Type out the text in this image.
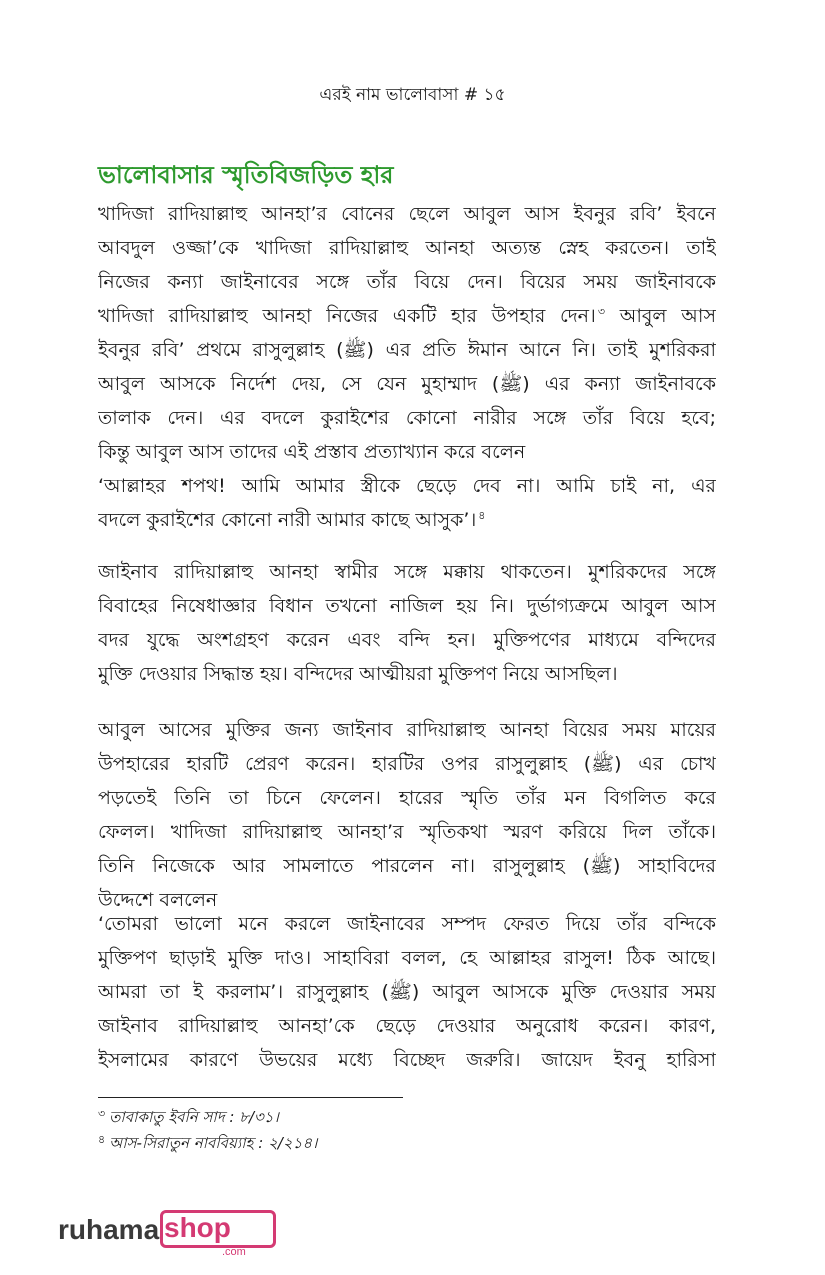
এরই নাম ভালোবাসা # ১৫
ভালোবাসার স্মৃতিবিজড়িত হার
খাদিজা রাদিয়াল্লাহু আনহা’র বোনের ছেলে আবুল আস ইবনুর রবি’ ইবনে
আবদুল ওজ্জা’কে খাদিজা রাদিয়াল্লাহু আনহা অত্যন্ত স্নেহ করতেন। তাই
নিজের কন্যা জাইনাবের সঙ্গে তাঁর বিয়ে দেন। বিয়ের সময় জাইনাবকে
খাদিজা রাদিয়াল্লাহু আনহা নিজের একটি হার উপহার দেন। $^৩$ আবুল আস
ইবনুর রবি’ প্রথমে রাসুলুল্লাহ (ﷺ) এর প্রতি ঈমান আনে নি। তাই মুশরিকরা
আবুল আসকে নির্দেশ দেয়, সে যেন মুহাম্মাদ (ﷺ) এর কন্যা জাইনাবকে
তালাক দেন। এর বদলে কুরাইশের কোনো নারীর সঙ্গে তাঁর বিয়ে হবে;
কিন্তু আবুল আস তাদের এই প্রস্তাব প্রত্যাখ্যান করে বলেন
‘আল্লাহর শপথ! আমি আমার স্ত্রীকে ছেড়ে দেব না। আমি চাই না, এর
বদলে কুরাইশের কোনো নারী আমার কাছে আসুক’। $^৪$
জাইনাব রাদিয়াল্লাহু আনহা স্বামীর সঙ্গে মক্কায় থাকতেন। মুশরিকদের সঙ্গে
বিবাহের নিষেধাজ্ঞার বিধান তখনো নাজিল হয় নি। দুর্ভাগ্যক্রমে আবুল আস
বদর যুদ্ধে অংশগ্রহণ করেন এবং বন্দি হন। মুক্তিপণের মাধ্যমে বন্দিদের
মুক্তি দেওয়ার সিদ্ধান্ত হয়। বন্দিদের আত্মীয়রা মুক্তিপণ নিয়ে আসছিল।
আবুল আসের মুক্তির জন্য জাইনাব রাদিয়াল্লাহু আনহা বিয়ের সময় মায়ের
উপহারের হারটি প্রেরণ করেন। হারটির ওপর রাসুলুল্লাহ (ﷺ) এর চোখ
পড়তেই তিনি তা চিনে ফেলেন। হারের স্মৃতি তাঁর মন বিগলিত করে
ফেলল। খাদিজা রাদিয়াল্লাহু আনহা’র স্মৃতিকথা স্মরণ করিয়ে দিল তাঁকে।
তিনি নিজেকে আর সামলাতে পারলেন না। রাসুলুল্লাহ (ﷺ) সাহাবিদের
উদ্দেশে বললেন
‘তোমরা ভালো মনে করলে জাইনাবের সম্পদ ফেরত দিয়ে তাঁর বন্দিকে
মুক্তিপণ ছাড়াই মুক্তি দাও। সাহাবিরা বলল, হে আল্লাহর রাসুল! ঠিক আছে।
আমরা তা ই করলাম’। রাসুলুল্লাহ (ﷺ) আবুল আসকে মুক্তি দেওয়ার সময়
জাইনাব রাদিয়াল্লাহু আনহা’কে ছেড়ে দেওয়ার অনুরোধ করেন। কারণ,
ইসলামের কারণে উভয়ের মধ্যে বিচ্ছেদ জরুরি। জায়েদ ইবনু হারিসা
$^৩$ তাবাকাতু ইবনি সাদ : ৮/৩১।
$^৪$ আস-সিরাতুন নাববিয়্যাহ : ২/২১৪।
ruhama shop
.com
